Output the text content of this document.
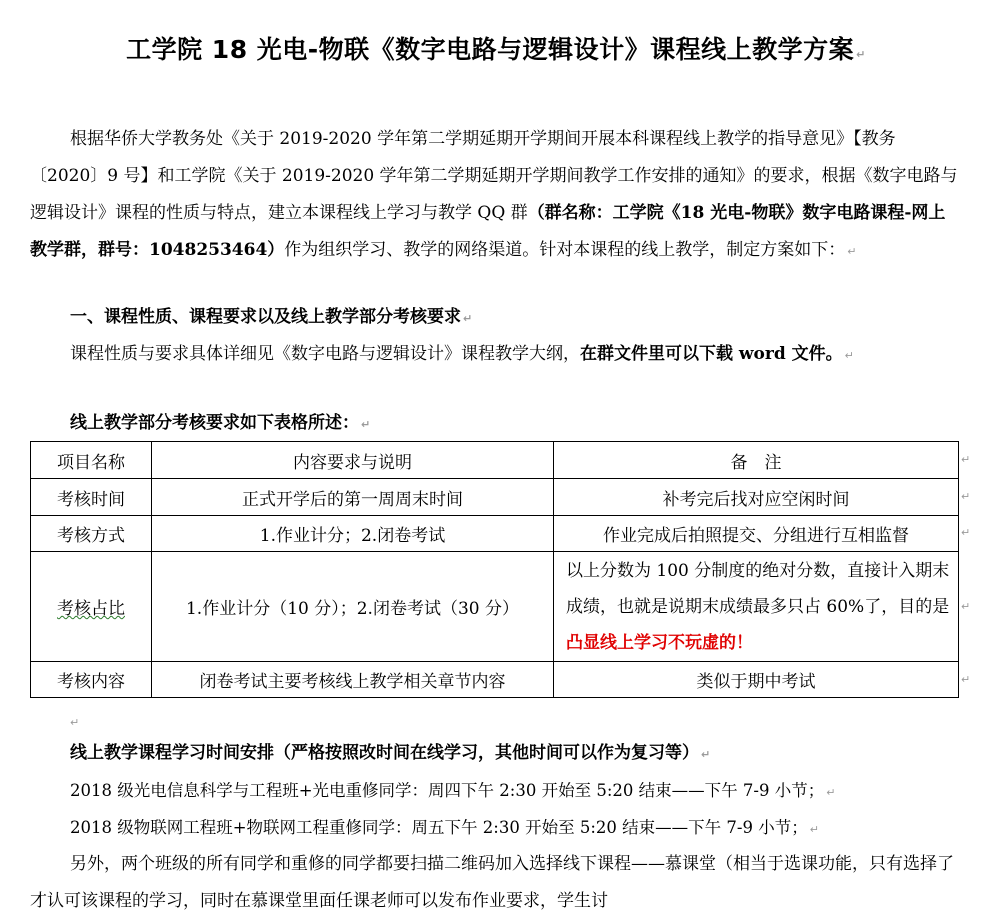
工学院 18 光电-物联《数字电路与逻辑设计》课程线上教学方案 ↵
根据华侨大学教务处《关于 2019-2020 学年第二学期延期开学期间开展本科课程线上教学的指导意见》【教务〔2020〕9 号】和工学院《关于 2019-2020 学年第二学期延期开学期间教学工作安排的通知》的要求，根据《数字电路与逻辑设计》课程的性质与特点，建立本课程线上学习与教学 QQ 群（群名称：工学院《18 光电-物联》数字电路课程-网上教学群，群号：1048253464）作为组织学习、教学的网络渠道。针对本课程的线上教学，制定方案如下： ↵
一、课程性质、课程要求以及线上教学部分考核要求 ↵
课程性质与要求具体详细见《数字电路与逻辑设计》课程教学大纲，在群文件里可以下载 word 文件。 ↵
线上教学部分考核要求如下表格所述： ↵
项目名称	内容要求与说明	备　注
考核时间	正式开学后的第一周周末时间	补考完后找对应空闲时间
考核方式	1.作业计分；2.闭卷考试	作业完成后拍照提交、分组进行互相监督
考核占比	1.作业计分（10 分）；2.闭卷考试（30 分）	以上分数为 100 分制度的绝对分数，直接计入期末成绩，也就是说期末成绩最多只占 60%了，目的是凸显线上学习不玩虚的！
考核内容	闭卷考试主要考核线上教学相关章节内容	类似于期中考试
↵
↵
↵
↵
↵
↵
线上教学课程学习时间安排（严格按照改时间在线学习，其他时间可以作为复习等） ↵
2018 级光电信息科学与工程班+光电重修同学：周四下午 2:30 开始至 5:20 结束——下午 7-9 小节； ↵
2018 级物联网工程班+物联网工程重修同学：周五下午 2:30 开始至 5:20 结束——下午 7-9 小节； ↵
另外，两个班级的所有同学和重修的同学都要扫描二维码加入选择线下课程——慕课堂（相当于选课功能，只有选择了才认可该课程的学习，同时在慕课堂里面任课老师可以发布作业要求，学生讨
